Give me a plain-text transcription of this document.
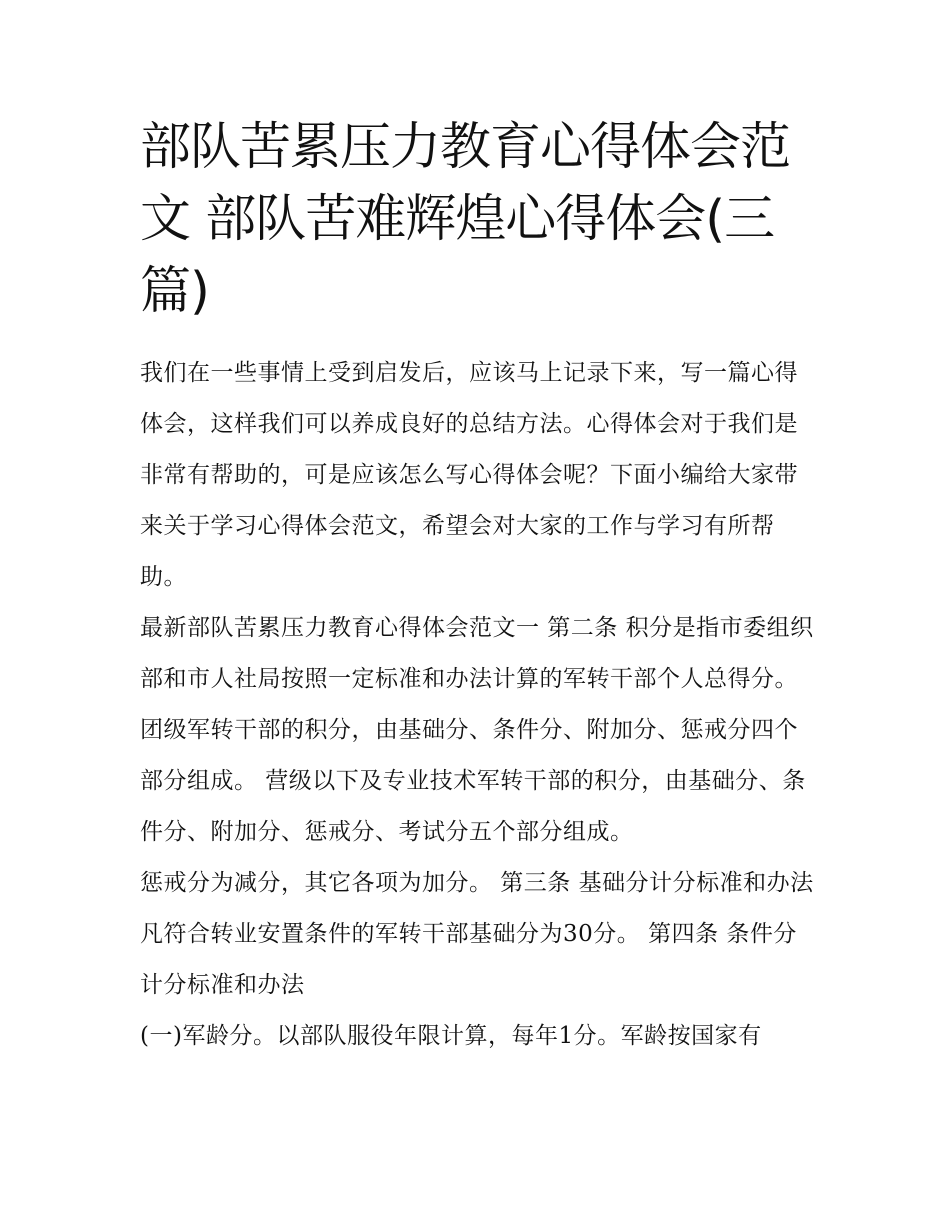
部队苦累压力教育心得体会范文 部队苦难辉煌心得体会(三篇)

我们在一些事情上受到启发后，应该马上记录下来，写一篇心得体会，这样我们可以养成良好的总结方法。心得体会对于我们是非常有帮助的，可是应该怎么写心得体会呢？下面小编给大家带来关于学习心得体会范文，希望会对大家的工作与学习有所帮助。

最新部队苦累压力教育心得体会范文一 第二条 积分是指市委组织部和市人社局按照一定标准和办法计算的军转干部个人总得分。

团级军转干部的积分，由基础分、条件分、附加分、惩戒分四个部分组成。 营级以下及专业技术军转干部的积分，由基础分、条件分、附加分、惩戒分、考试分五个部分组成。

惩戒分为减分，其它各项为加分。 第三条 基础分计分标准和办法 凡符合转业安置条件的军转干部基础分为30分。 第四条 条件分计分标准和办法

(一)军龄分。以部队服役年限计算，每年1分。军龄按国家有
